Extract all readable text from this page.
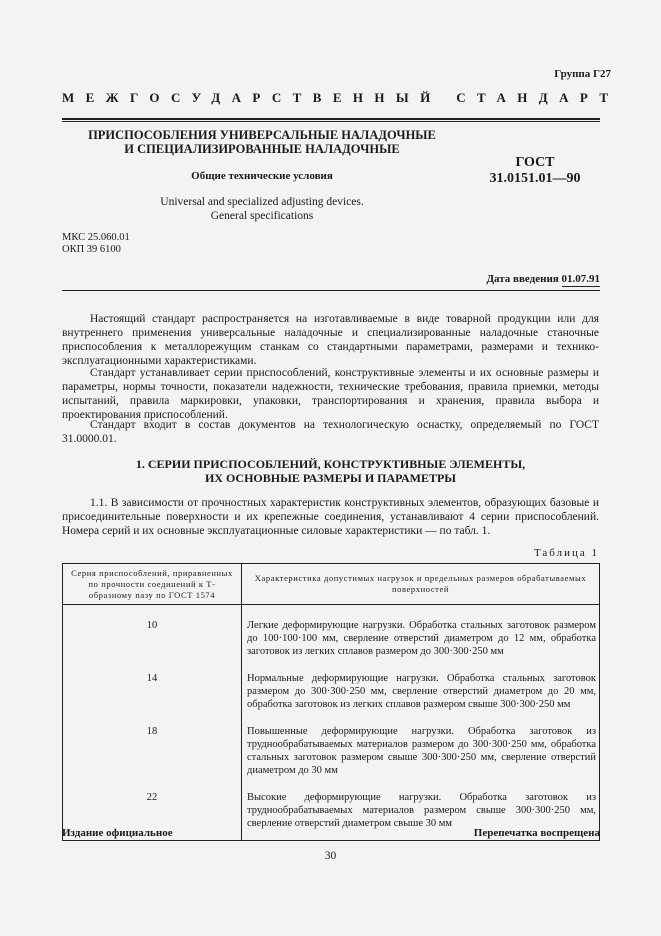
Группа Г27
МЕЖГОСУДАРСТВЕННЫЙ СТАНДАРТ
ПРИСПОСОБЛЕНИЯ УНИВЕРСАЛЬНЫЕ НАЛАДОЧНЫЕ
И СПЕЦИАЛИЗИРОВАННЫЕ НАЛАДОЧНЫЕ
Общие технические условия
Universal and specialized adjusting devices.
General specifications
ГОСТ
31.0151.01—90
МКС 25.060.01
ОКП 39 6100
Дата введения 01.07.91
Настоящий стандарт распространяется на изготавливаемые в виде товарной продукции или для внутреннего применения универсальные наладочные и специализированные наладочные станочные приспособления к металлорежущим станкам со стандартными параметрами, размерами и технико-эксплуатационными характеристиками.
Стандарт устанавливает серии приспособлений, конструктивные элементы и их основные размеры и параметры, нормы точности, показатели надежности, технические требования, правила приемки, методы испытаний, правила маркировки, упаковки, транспортирования и хранения, правила выбора и проектирования приспособлений.
Стандарт входит в состав документов на технологическую оснастку, определяемый по ГОСТ 31.0000.01.
1. СЕРИИ ПРИСПОСОБЛЕНИЙ, КОНСТРУКТИВНЫЕ ЭЛЕМЕНТЫ,
ИХ ОСНОВНЫЕ РАЗМЕРЫ И ПАРАМЕТРЫ
1.1. В зависимости от прочностных характеристик конструктивных элементов, образующих базовые и присоединительные поверхности и их крепежные соединения, устанавливают 4 серии приспособлений. Номера серий и их основные эксплуатационные силовые характеристики — по табл. 1.
Таблица 1
Серия приспособлений, приравненных по прочности соединений к Т-образному пазу по ГОСТ 1574	Характеристика допустимых нагрузок и предельных размеров обрабатываемых поверхностей
10	Легкие деформирующие нагрузки. Обработка стальных заготовок размером до 100·100·100 мм, сверление отверстий диаметром до 12 мм, обработка заготовок из легких сплавов размером до 300·300·250 мм
14	Нормальные деформирующие нагрузки. Обработка стальных заготовок размером до 300·300·250 мм, сверление отверстий диаметром до 20 мм, обработка заготовок из легких сплавов размером свыше 300·300·250 мм
18	Повышенные деформирующие нагрузки. Обработка заготовок из труднообрабатываемых материалов размером до 300·300·250 мм, обработка стальных заготовок размером свыше 300·300·250 мм, сверление отверстий диаметром до 30 мм
22	Высокие деформирующие нагрузки. Обработка заготовок из труднообрабатываемых материалов размером свыше 300·300·250 мм, сверление отверстий диаметром свыше 30 мм
Издание официальное	Перепечатка воспрещена
30
